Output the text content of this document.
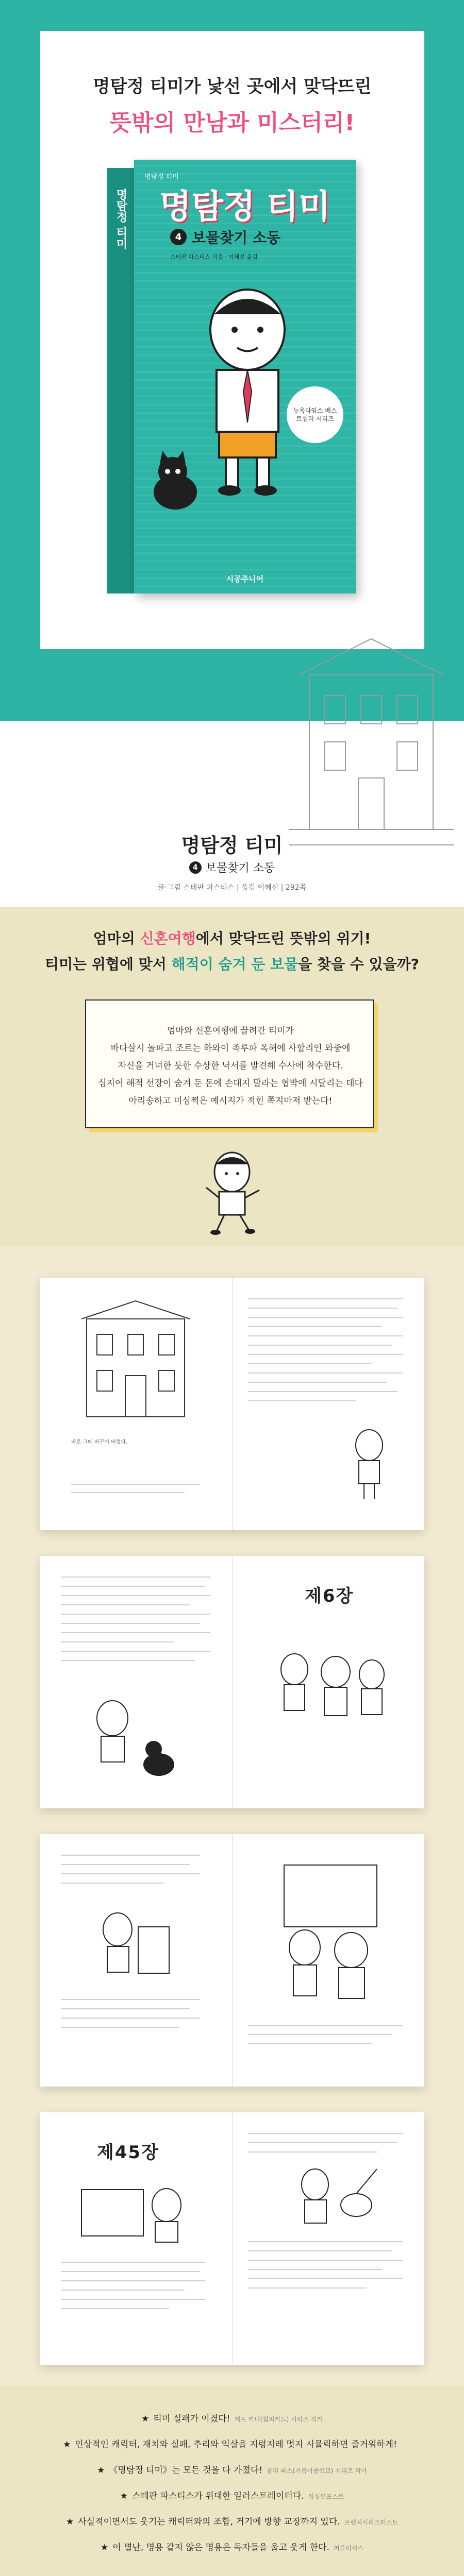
명탐정 티미가 낯선 곳에서 맞닥뜨린
뜻밖의 만남과 미스터리!
명탐정 티미
명탐정 티미
명탐정 티미
4 보물찾기 소동
스테판 파스티스 지음 · 이혜선 옮김
뉴욕타임스 베스트셀러 시리즈
시공주니어
명탐정 티미
4 보물찾기 소동
글·그림 스테판 파스티스 | 옮김 이혜선 | 292쪽
엄마의 신혼여행에서 맞닥뜨린 뜻밖의 위기!
티미는 위협에 맞서 해적이 숨겨 둔 보물을 찾을 수 있을까?
엄마와 신혼여행에 끌려간 티미가
바다살시 놀파고 조르는 하와이 족루파 옥해에 사할리인 와중에
자신을 거녀한 듯한 수상한 낙서를 발견해 수사에 착수한다.
심지어 해적 선장이 숨겨 둔 돈에 손대지 말라는 협박에 시달리는 데다
아리송하고 미심쩍은 예시지가 적힌 쪽지마저 받는다!
바로 그때 바꾸어 버렸다.
제6장
제45장
★ 티미 실패가 이겼다! 제프 키니(윔피키드) 시리즈 작가
★ 인상적인 캐릭터, 재치와 실패, 추리와 익살을 지렁지레 멋지 시뮬릭하면 즐거워하게!
★ 《명탐정 티미》는 모든 것을 다 가졌다! 찰리 파스(거북이중학교) 시리즈 작가
★ 스테판 파스티스가 위대한 일러스트레이터다. 워싱턴포스트
★ 사실적이면서도 웃기는 캐릭터와의 조합, 거기에 방향 교장까지 있다. 프렌치시리즈티스트
★ 이 별난, 명용 같지 않은 명용은 독자들을 울고 웃게 한다. 퍼블리셔스
